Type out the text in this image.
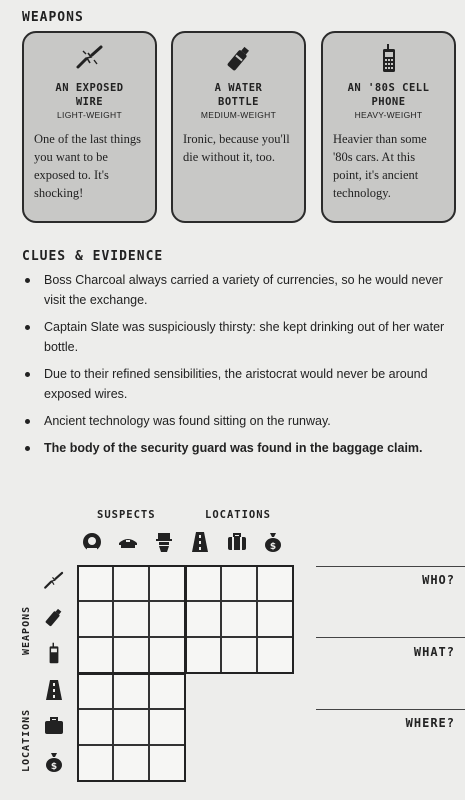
WEAPONS
AN EXPOSED
WIRE
LIGHT-WEIGHT
One of the last things you want to be exposed to. It's shocking!
A WATER
BOTTLE
MEDIUM-WEIGHT
Ironic, because you'll die without it, too.
AN '80S CELL
PHONE
HEAVY-WEIGHT
Heavier than some '80s cars. At this point, it's ancient technology.
CLUES & EVIDENCE
Boss Charcoal always carried a variety of currencies, so he would never visit the exchange.
Captain Slate was suspiciously thirsty: she kept drinking out of her water bottle.
Due to their refined sensibilities, the aristocrat would never be around exposed wires.
Ancient technology was found sitting on the runway.
The body of the security guard was found in the baggage claim.
SUSPECTS	LOCATIONS
$
WEAPONS
LOCATIONS $
WHO?
WHAT?
WHERE?
